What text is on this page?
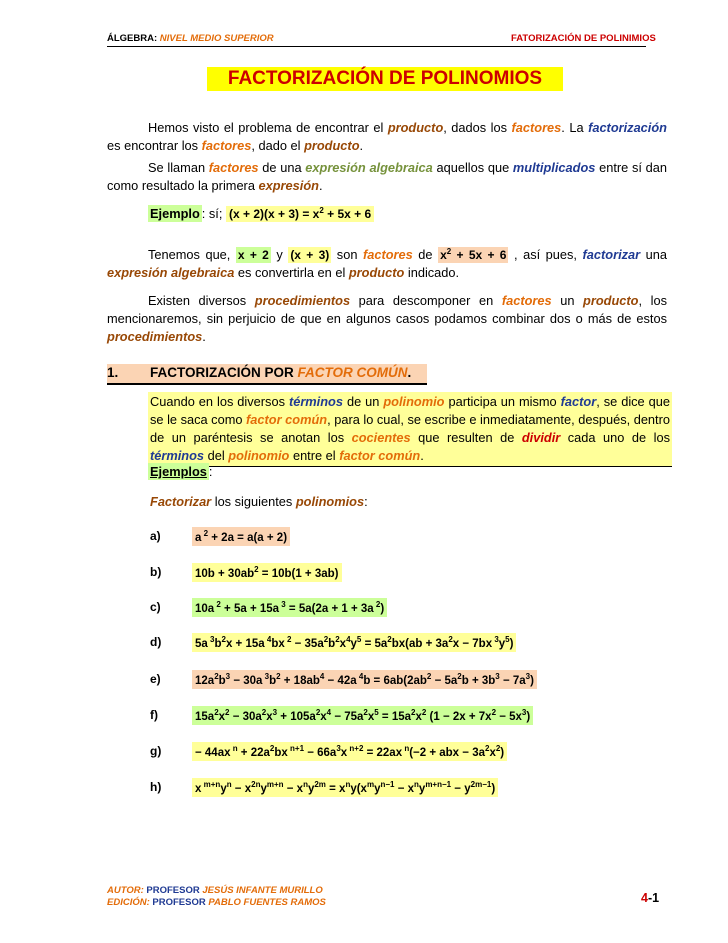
ÁLGEBRA: NIVEL MEDIO SUPERIOR	FATORIZACIÓN DE POLINIMIOS
FACTORIZACIÓN DE POLINOMIOS
Hemos visto el problema de encontrar el producto, dados los factores. La factorización es encontrar los factores, dado el producto.
Se llaman factores de una expresión algebraica aquellos que multiplicados entre sí dan como resultado la primera expresión.
Ejemplo : sí; $(x + 2)(x + 3) = x^2 + 5x + 6$
Tenemos que, x + 2 y (x + 3) son factores de $x^2 + 5x + 6$ , así pues, factorizar una expresión algebraica es convertirla en el producto indicado.
Existen diversos procedimientos para descomponer en factores un producto, los mencionaremos, sin perjuicio de que en algunos casos podamos combinar dos o más de estos procedimientos.
1. FACTORIZACIÓN POR FACTOR COMÚN.
Cuando en los diversos términos de un polinomio participa un mismo factor, se dice que se le saca como factor común, para lo cual, se escribe e inmediatamente, después, dentro de un paréntesis se anotan los cocientes que resulten de dividir cada uno de los términos del polinomio entre el factor común.
Ejemplos :
Factorizar los siguientes polinomios:
a)	a $^2$ + 2a = a(a + 2)
b)	$10b + 30ab^2 = 10b(1 + 3ab)$
c)	10a $^2$ + 5a + 15a $^3$ = 5a(2a + 1 + 3a $^2$)
d)	5a $^3b^2x + 15a$ $^4$bx $^2 - 35a^2b^2x^4y^5 = 5a^2bx(ab + 3a^2x - 7bx$ $^3y^5$)
e)	$12a^2b^3 - 30a$ $^3b^2 + 18ab^4 - 42a$ $^4b = 6ab(2ab^2 - 5a^2b + 3b^3 - 7a^3)$
f)	$15a^2x^2 - 30a^2x^3 + 105a^2x^4 - 75a^2x^5 = 15a^2x^2$ $(1 - 2x + 7x^2 - 5x^3)$
g)	− 44ax $^n + 22a^2bx$ $^{n+1} - 66a^3x$ $^{n+2}$ = 22ax $^n$(−2 + abx − $3a^2x^2$)
h)	x $^{m+n}y^n - x^{2n}y^{m+n} - x^ny^{2m} = x^ny(x^my^{n-1} - x^ny^{m+n-1} - y^{2m-1})$
AUTOR: PROFESOR JESÚS INFANTE MURILLO
EDICIÓN: PROFESOR PABLO FUENTES RAMOS	4-1
